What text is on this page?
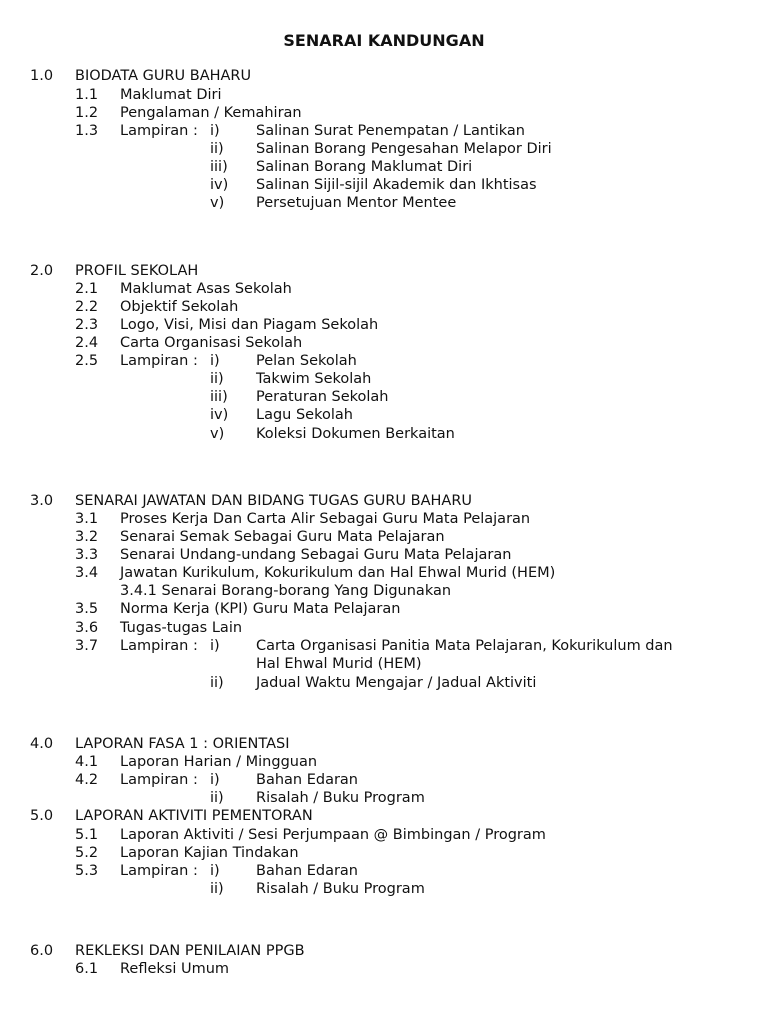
SENARAI KANDUNGAN
1.0 BIODATA GURU BAHARU
1.1 Maklumat Diri
1.2 Pengalaman / Kemahiran
1.3 Lampiran : i)	Salinan Surat Penempatan / Lantikan
ii) Salinan Borang Pengesahan Melapor Diri
iii) Salinan Borang Maklumat Diri
iv) Salinan Sijil-sijil Akademik dan Ikhtisas
v) Persetujuan Mentor Mentee
2.0 PROFIL SEKOLAH
2.1 Maklumat Asas Sekolah
2.2 Objektif Sekolah
2.3 Logo, Visi, Misi dan Piagam Sekolah
2.4 Carta Organisasi Sekolah
2.5 Lampiran : i)	Pelan Sekolah
ii) Takwim Sekolah
iii) Peraturan Sekolah
iv) Lagu Sekolah
v) Koleksi Dokumen Berkaitan
3.0 SENARAI JAWATAN DAN BIDANG TUGAS GURU BAHARU
3.1 Proses Kerja Dan Carta Alir Sebagai Guru Mata Pelajaran
3.2 Senarai Semak Sebagai Guru Mata Pelajaran
3.3 Senarai Undang-undang Sebagai Guru Mata Pelajaran
3.4 Jawatan Kurikulum, Kokurikulum dan Hal Ehwal Murid (HEM)
3.4.1 Senarai Borang-borang Yang Digunakan
3.5 Norma Kerja (KPI) Guru Mata Pelajaran
3.6 Tugas-tugas Lain
3.7 Lampiran : i)	Carta Organisasi Panitia Mata Pelajaran, Kokurikulum dan
Hal Ehwal Murid (HEM)
ii) Jadual Waktu Mengajar / Jadual Aktiviti
4.0 LAPORAN FASA 1 : ORIENTASI
4.1 Laporan Harian / Mingguan
4.2 Lampiran : i)	Bahan Edaran
ii) Risalah / Buku Program
5.0 LAPORAN AKTIVITI PEMENTORAN
5.1 Laporan Aktiviti / Sesi Perjumpaan @ Bimbingan / Program
5.2 Laporan Kajian Tindakan
5.3 Lampiran : i)	Bahan Edaran
ii) Risalah / Buku Program
6.0 REKLEKSI DAN PENILAIAN PPGB
6.1 Refleksi Umum
